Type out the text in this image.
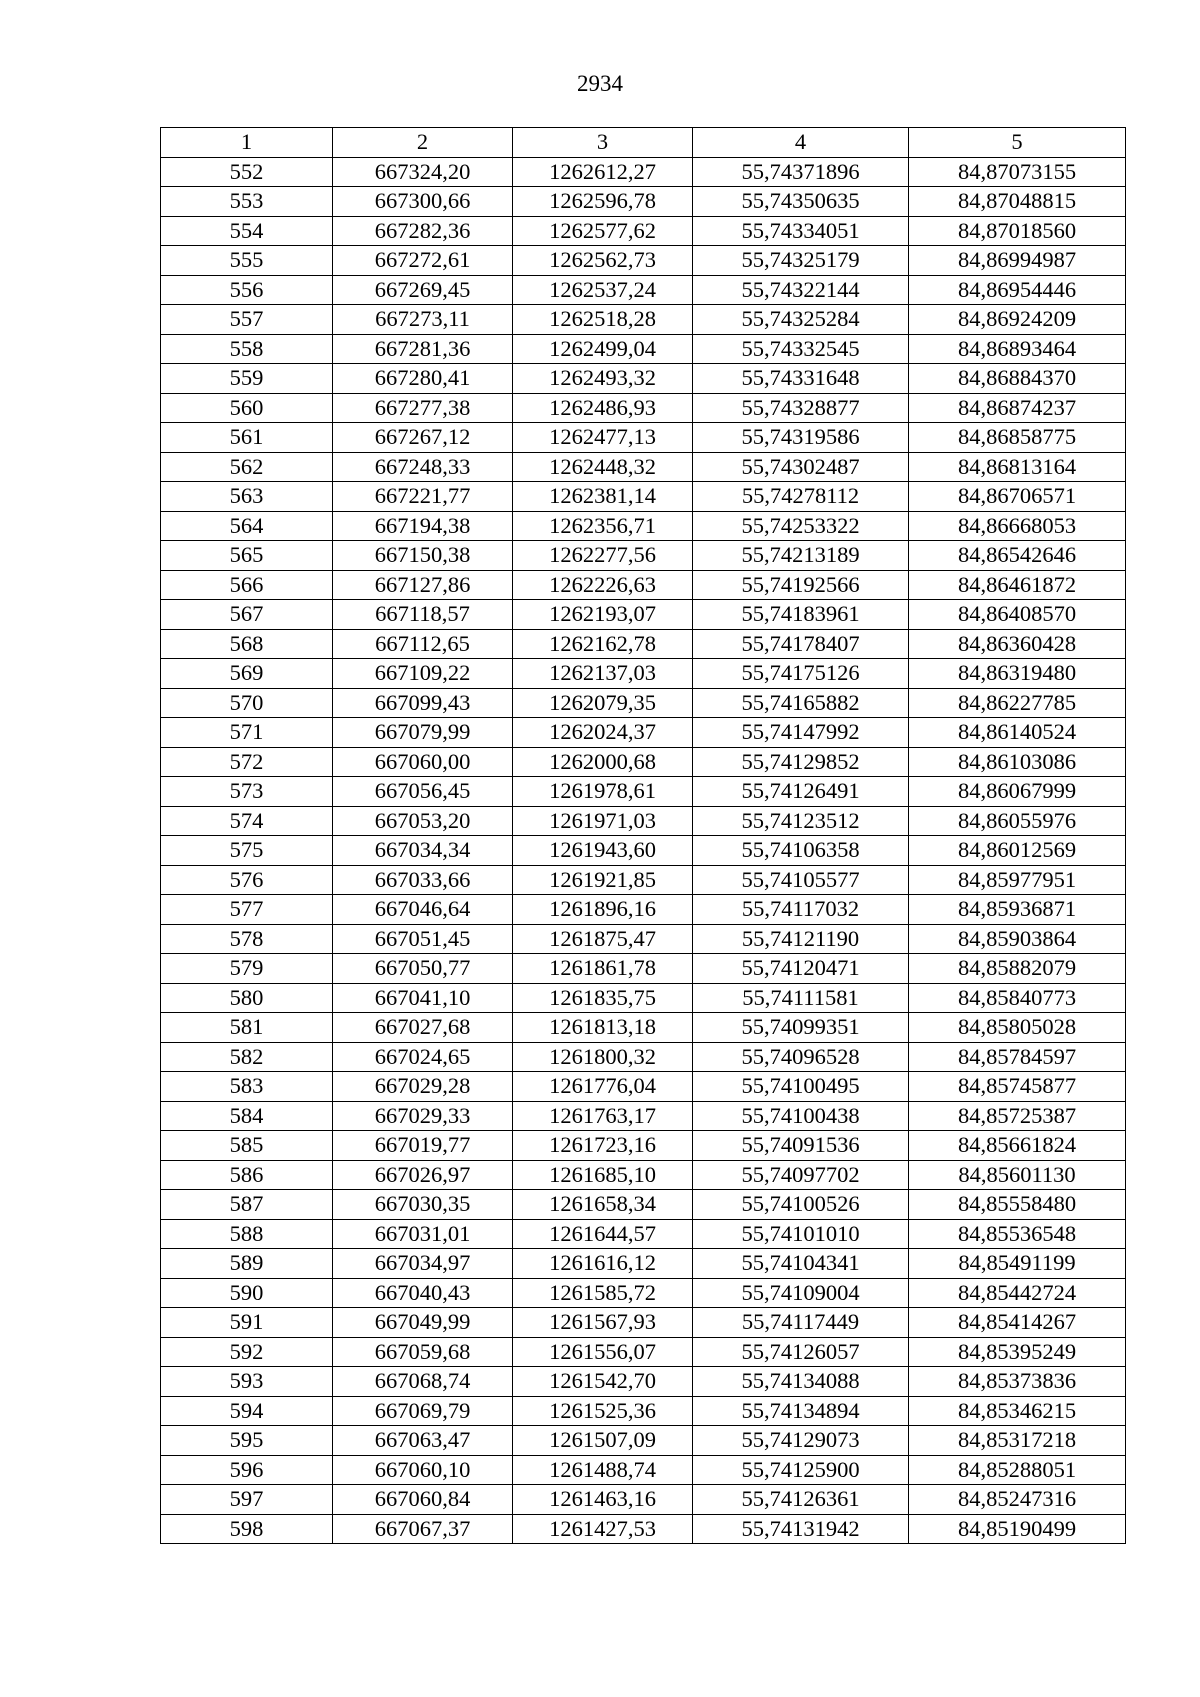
2934
1	2	3	4	5
552	667324,20	1262612,27	55,74371896	84,87073155
553	667300,66	1262596,78	55,74350635	84,87048815
554	667282,36	1262577,62	55,74334051	84,87018560
555	667272,61	1262562,73	55,74325179	84,86994987
556	667269,45	1262537,24	55,74322144	84,86954446
557	667273,11	1262518,28	55,74325284	84,86924209
558	667281,36	1262499,04	55,74332545	84,86893464
559	667280,41	1262493,32	55,74331648	84,86884370
560	667277,38	1262486,93	55,74328877	84,86874237
561	667267,12	1262477,13	55,74319586	84,86858775
562	667248,33	1262448,32	55,74302487	84,86813164
563	667221,77	1262381,14	55,74278112	84,86706571
564	667194,38	1262356,71	55,74253322	84,86668053
565	667150,38	1262277,56	55,74213189	84,86542646
566	667127,86	1262226,63	55,74192566	84,86461872
567	667118,57	1262193,07	55,74183961	84,86408570
568	667112,65	1262162,78	55,74178407	84,86360428
569	667109,22	1262137,03	55,74175126	84,86319480
570	667099,43	1262079,35	55,74165882	84,86227785
571	667079,99	1262024,37	55,74147992	84,86140524
572	667060,00	1262000,68	55,74129852	84,86103086
573	667056,45	1261978,61	55,74126491	84,86067999
574	667053,20	1261971,03	55,74123512	84,86055976
575	667034,34	1261943,60	55,74106358	84,86012569
576	667033,66	1261921,85	55,74105577	84,85977951
577	667046,64	1261896,16	55,74117032	84,85936871
578	667051,45	1261875,47	55,74121190	84,85903864
579	667050,77	1261861,78	55,74120471	84,85882079
580	667041,10	1261835,75	55,74111581	84,85840773
581	667027,68	1261813,18	55,74099351	84,85805028
582	667024,65	1261800,32	55,74096528	84,85784597
583	667029,28	1261776,04	55,74100495	84,85745877
584	667029,33	1261763,17	55,74100438	84,85725387
585	667019,77	1261723,16	55,74091536	84,85661824
586	667026,97	1261685,10	55,74097702	84,85601130
587	667030,35	1261658,34	55,74100526	84,85558480
588	667031,01	1261644,57	55,74101010	84,85536548
589	667034,97	1261616,12	55,74104341	84,85491199
590	667040,43	1261585,72	55,74109004	84,85442724
591	667049,99	1261567,93	55,74117449	84,85414267
592	667059,68	1261556,07	55,74126057	84,85395249
593	667068,74	1261542,70	55,74134088	84,85373836
594	667069,79	1261525,36	55,74134894	84,85346215
595	667063,47	1261507,09	55,74129073	84,85317218
596	667060,10	1261488,74	55,74125900	84,85288051
597	667060,84	1261463,16	55,74126361	84,85247316
598	667067,37	1261427,53	55,74131942	84,85190499
